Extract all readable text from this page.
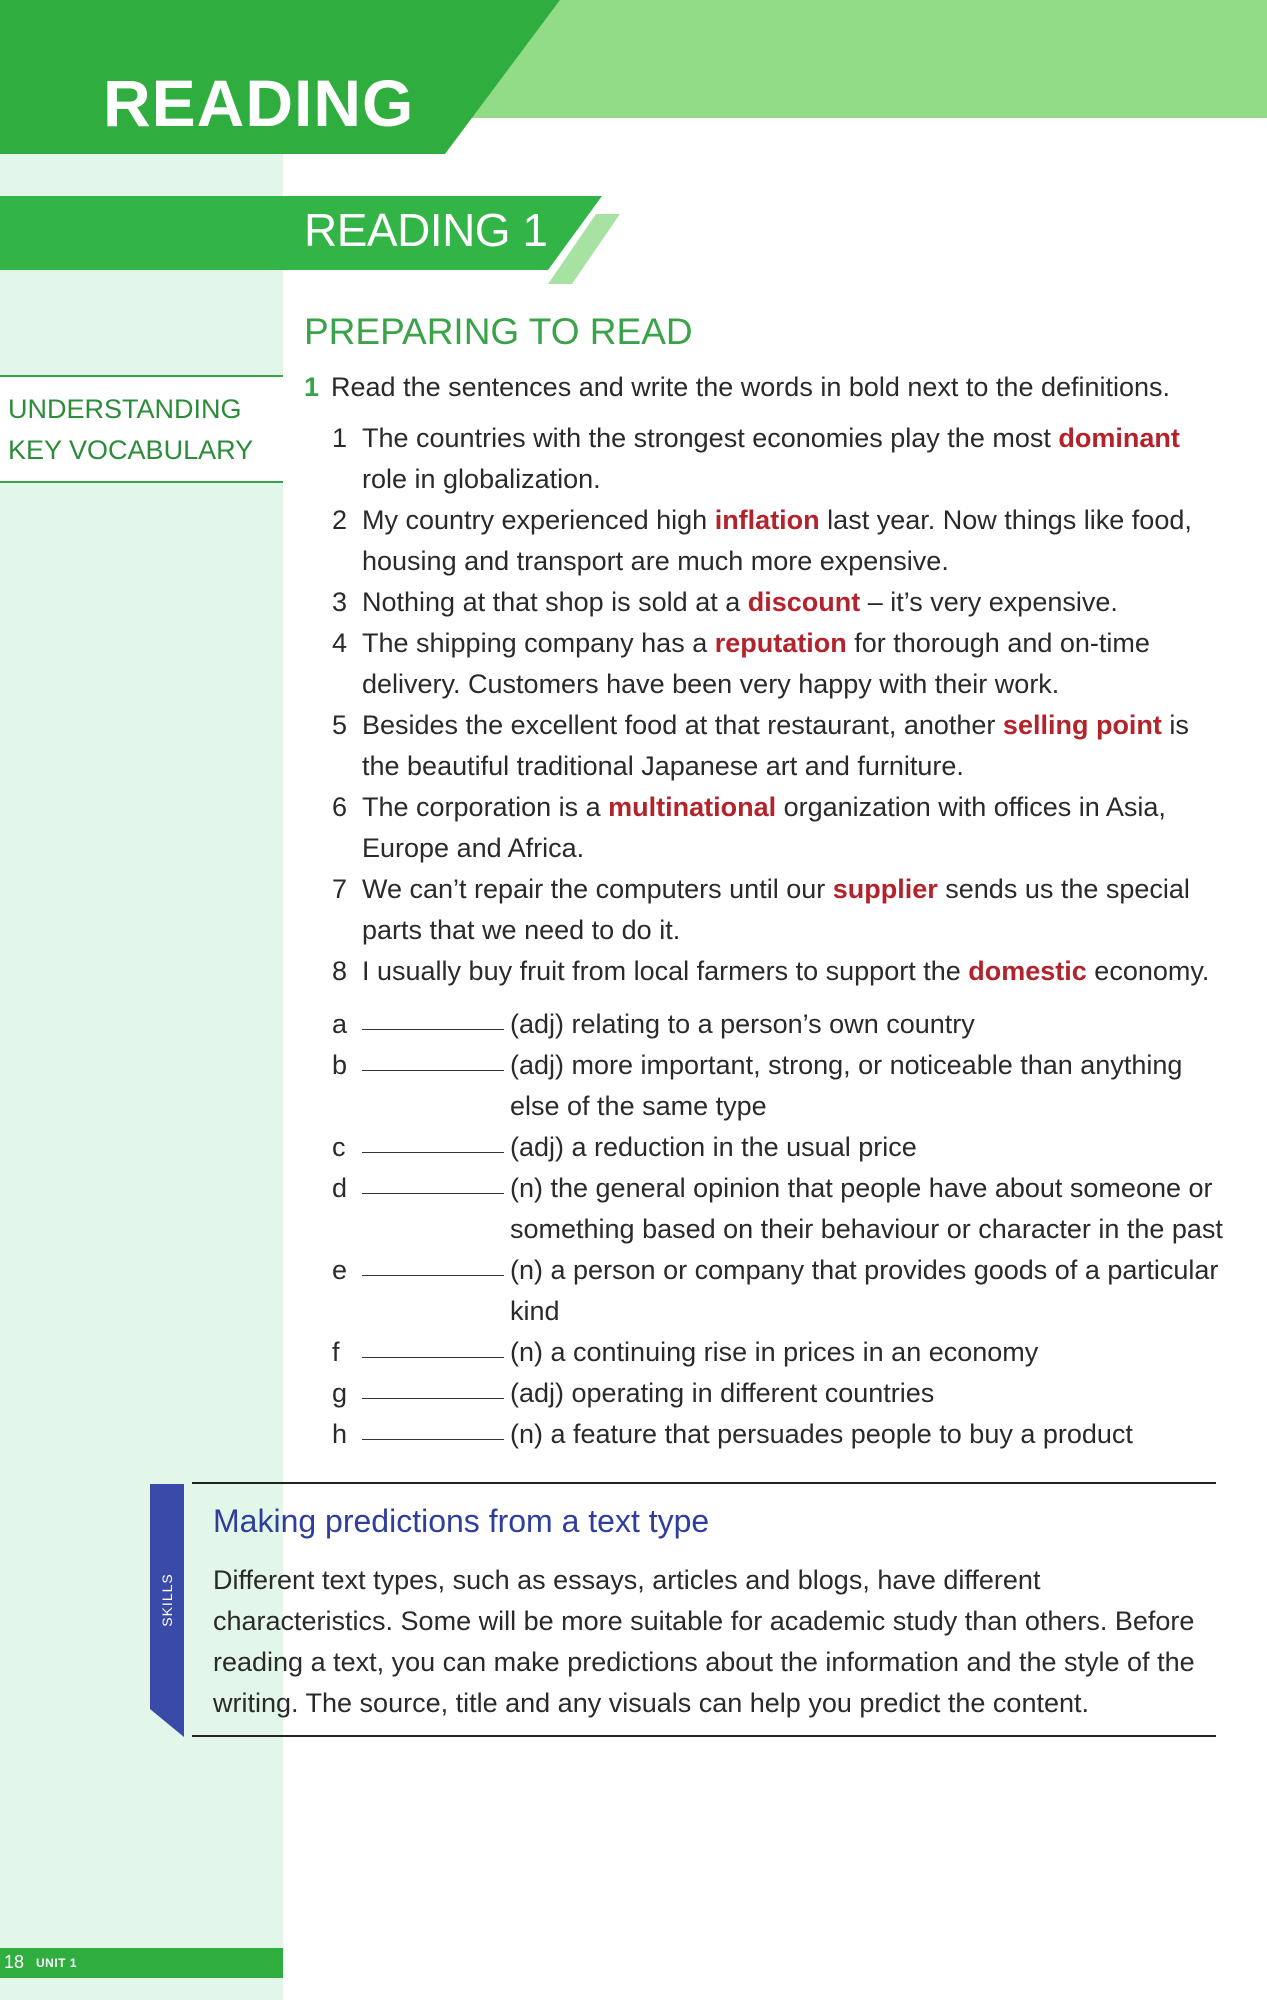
READING
READING 1
UNDERSTANDING
KEY VOCABULARY
PREPARING TO READ
1 Read the sentences and write the words in bold next to the definitions.
1 The countries with the strongest economies play the most dominant role in globalization.
2 My country experienced high inflation last year. Now things like food, housing and transport are much more expensive.
3 Nothing at that shop is sold at a discount – it’s very expensive.
4 The shipping company has a reputation for thorough and on-time delivery. Customers have been very happy with their work.
5 Besides the excellent food at that restaurant, another selling point is the beautiful traditional Japanese art and furniture.
6 The corporation is a multinational organization with offices in Asia, Europe and Africa.
7 We can’t repair the computers until our supplier sends us the special parts that we need to do it.
8 I usually buy fruit from local farmers to support the domestic economy.
a	(adj) relating to a person’s own country
b	(adj) more important, strong, or noticeable than anything else of the same type
c	(adj) a reduction in the usual price
d	(n) the general opinion that people have about someone or something based on their behaviour or character in the past
e	(n) a person or company that provides goods of a particular kind
f	(n) a continuing rise in prices in an economy
g	(adj) operating in different countries
h	(n) a feature that persuades people to buy a product
SKILLS
Making predictions from a text type
Different text types, such as essays, articles and blogs, have different characteristics. Some will be more suitable for academic study than others. Before reading a text, you can make predictions about the information and the style of the writing. The source, title and any visuals can help you predict the content.
18 UNIT 1
